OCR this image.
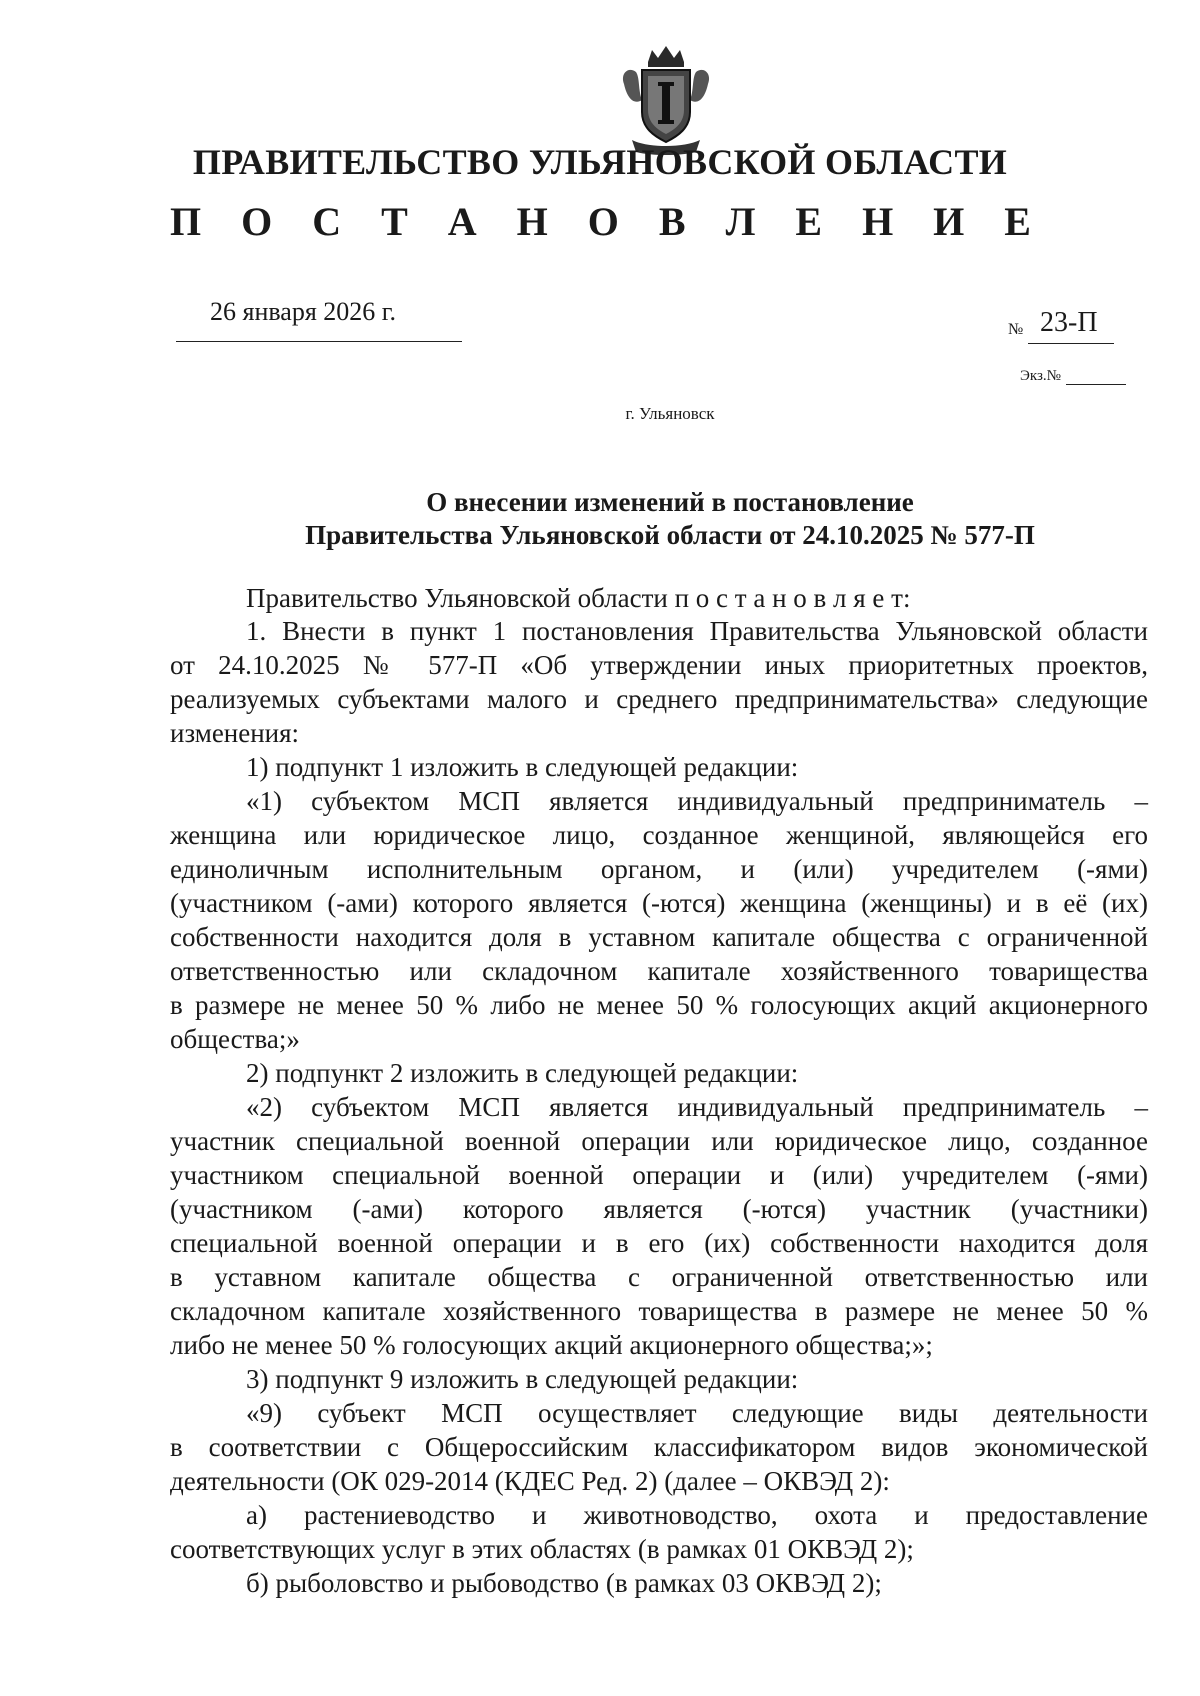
ПРАВИТЕЛЬСТВО УЛЬЯНОВСКОЙ ОБЛАСТИ
П О С Т А Н О В Л Е Н И Е
26 января 2026 г.
№ 23-П
Экз.№
г. Ульяновск
О внесении изменений в постановление
Правительства Ульяновской области от 24.10.2025 № 577-П
Правительство Ульяновской области п о с т а н о в л я е т:
1. Внести в пункт 1 постановления Правительства Ульяновской области
от 24.10.2025 № 577-П «Об утверждении иных приоритетных проектов,
реализуемых субъектами малого и среднего предпринимательства» следующие
изменения:
1) подпункт 1 изложить в следующей редакции:
«1) субъектом МСП является индивидуальный предприниматель –
женщина или юридическое лицо, созданное женщиной, являющейся его
единоличным исполнительным органом, и (или) учредителем (-ями)
(участником (-ами) которого является (-ются) женщина (женщины) и в её (их)
собственности находится доля в уставном капитале общества с ограниченной
ответственностью или складочном капитале хозяйственного товарищества
в размере не менее 50 % либо не менее 50 % голосующих акций акционерного
общества;»
2) подпункт 2 изложить в следующей редакции:
«2) субъектом МСП является индивидуальный предприниматель –
участник специальной военной операции или юридическое лицо, созданное
участником специальной военной операции и (или) учредителем (-ями)
(участником (-ами) которого является (-ются) участник (участники)
специальной военной операции и в его (их) собственности находится доля
в уставном капитале общества с ограниченной ответственностью или
складочном капитале хозяйственного товарищества в размере не менее 50 %
либо не менее 50 % голосующих акций акционерного общества;»;
3) подпункт 9 изложить в следующей редакции:
«9) субъект МСП осуществляет следующие виды деятельности
в соответствии с Общероссийским классификатором видов экономической
деятельности (ОК 029-2014 (КДЕС Ред. 2) (далее – ОКВЭД 2):
а) растениеводство и животноводство, охота и предоставление
соответствующих услуг в этих областях (в рамках 01 ОКВЭД 2);
б) рыболовство и рыбоводство (в рамках 03 ОКВЭД 2);
